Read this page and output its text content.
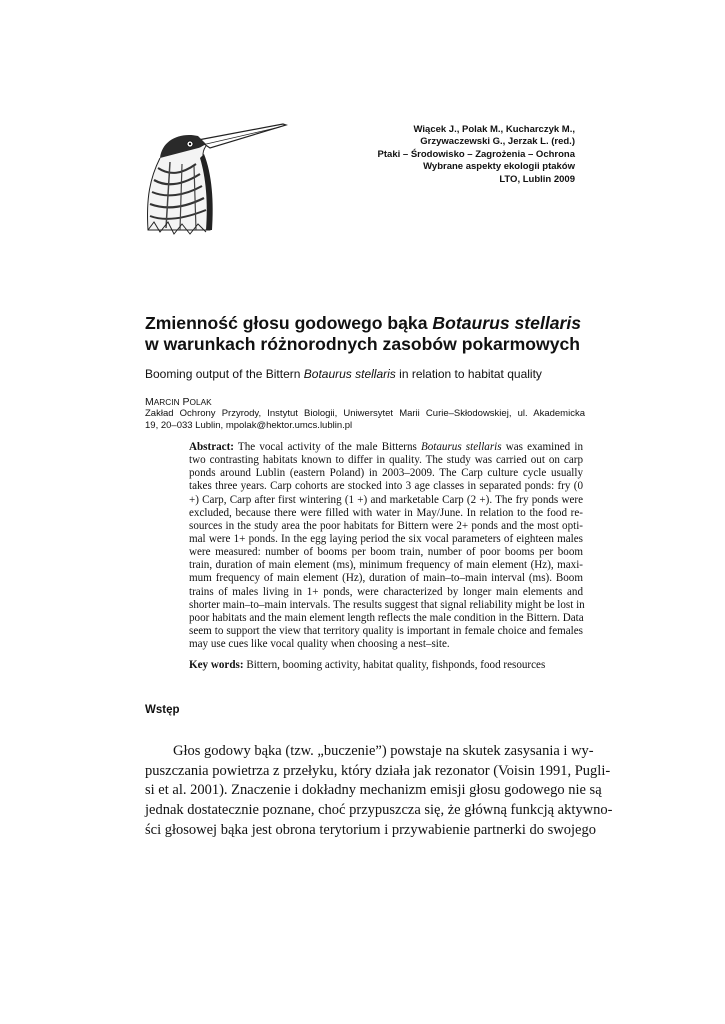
Wiącek J., Polak M., Kucharczyk M.,
Grzywaczewski G., Jerzak L. (red.)
Ptaki – Środowisko – Zagrożenia – Ochrona
Wybrane aspekty ekologii ptaków
LTO, Lublin 2009
Zmienność głosu godowego bąka Botaurus stellaris
w warunkach różnorodnych zasobów pokarmowych
Booming output of the Bittern Botaurus stellaris in relation to habitat quality
MARCIN POLAK
Zakład Ochrony Przyrody, Instytut Biologii, Uniwersytet Marii Curie–Skłodowskiej, ul. Akademicka
19, 20–033 Lublin, mpolak@hektor.umcs.lublin.pl
Abstract: The vocal activity of the male Bitterns Botaurus stellaris was examined in
two contrasting habitats known to differ in quality. The study was carried out on carp
ponds around Lublin (eastern Poland) in 2003–2009. The Carp culture cycle usually
takes three years. Carp cohorts are stocked into 3 age classes in separated ponds: fry (0
+) Carp, Carp after first wintering (1 +) and marketable Carp (2 +). The fry ponds were
excluded, because there were filled with water in May/June. In relation to the food re-
sources in the study area the poor habitats for Bittern were 2+ ponds and the most opti-
mal were 1+ ponds. In the egg laying period the six vocal parameters of eighteen males
were measured: number of booms per boom train, number of poor booms per boom
train, duration of main element (ms), minimum frequency of main element (Hz), maxi-
mum frequency of main element (Hz), duration of main–to–main interval (ms). Boom
trains of males living in 1+ ponds, were characterized by longer main elements and
shorter main–to–main intervals. The results suggest that signal reliability might be lost in
poor habitats and the main element length reflects the male condition in the Bittern. Data
seem to support the view that territory quality is important in female choice and females
may use cues like vocal quality when choosing a nest–site.
Key words: Bittern, booming activity, habitat quality, fishponds, food resources
Wstęp
Głos godowy bąka (tzw. „buczenie”) powstaje na skutek zasysania i wy-
puszczania powietrza z przełyku, który działa jak rezonator (Voisin 1991, Pugli-
si et al. 2001). Znaczenie i dokładny mechanizm emisji głosu godowego nie są
jednak dostatecznie poznane, choć przypuszcza się, że główną funkcją aktywno-
ści głosowej bąka jest obrona terytorium i przywabienie partnerki do swojego
